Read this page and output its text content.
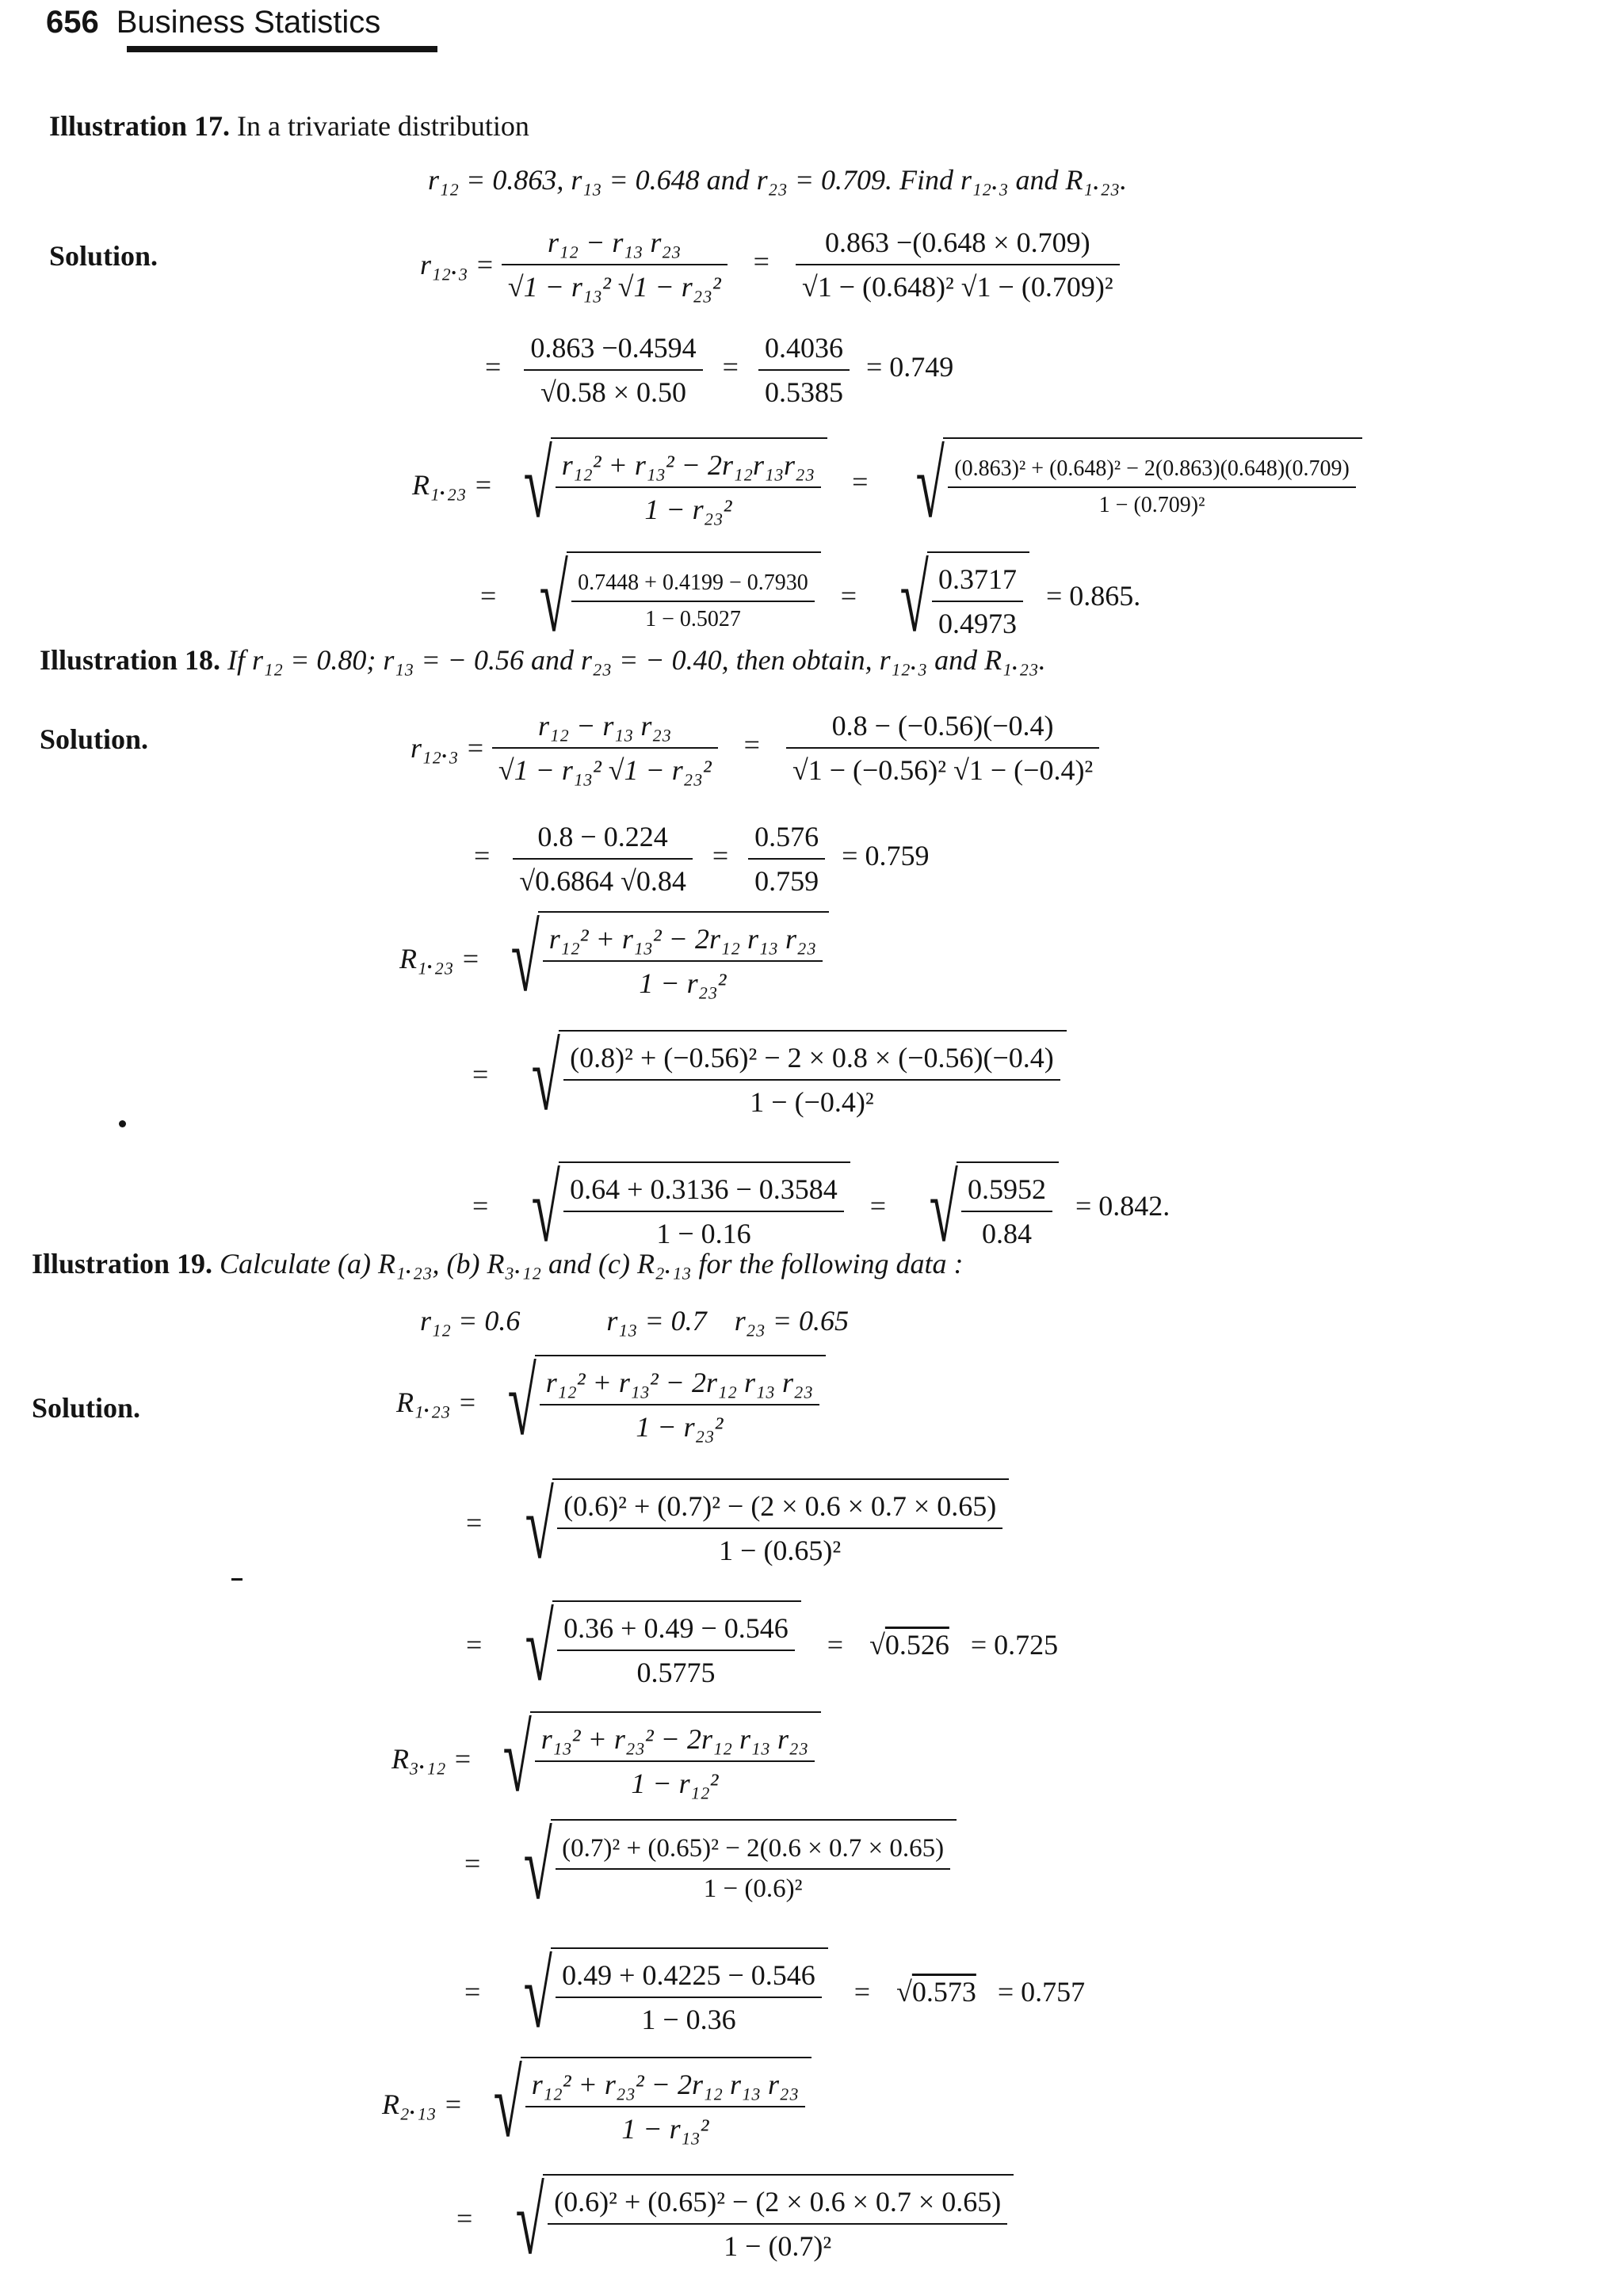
656 Business Statistics
Illustration 17. In a trivariate distribution
r₁₂ = 0.863, r₁₃ = 0.648 and r₂₃ = 0.709. Find r₁₂.₃ and R₁.₂₃.
Solution.	$r_{12}._3 = \frac{\text{r₁₂ − r₁₃ r₂₃}}{\text{√1 − r₁₃² √1 − r₂₃²}} = \frac{0.863 -(0.648 \times 0.709)}{\text{√1 − (0.648)² √1 − (0.709)²}}$
= $\frac{0.863 -0.4594}{√0.58 \times 0.50} = \frac{0.4036}{0.5385} = 0.749$
R₁.₂₃ = √ $\frac{\text{r₁₂² + r₁₃² − 2r₁₂r₁₃r₂₃}}{\text{1 − r₂₃²}}$ = √ $\frac{\text{(0.863)² + (0.648)² − 2(0.863)(0.648)(0.709)}}{\text{1 − (0.709)²}}$
= √ $\frac{0.7448 + 0.4199 - 0.7930}{1 - 0.5027}$ = √ $\frac{0.3717}{0.4973} = 0.865$.
Illustration 18. If r₁₂ = 0.80; r₁₃ = − 0.56 and r₂₃ = − 0.40, then obtain, r₁₂.₃ and R₁.₂₃.
Solution.	$r_{12}._3 = \frac{\text{r₁₂ − r₁₃ r₂₃}}{\text{√1 − r₁₃² √1 − r₂₃²}} = \frac{0.8 - (-0.56)(-0.4)}{\text{√1 − (−0.56)² √1 − (−0.4)²}}$
= $\frac{0.8 - 0.224}{√0.6864 √0.84} = \frac{0.576}{0.759} = 0.759$
R₁.₂₃ = √ $\frac{\text{r₁₂² + r₁₃² − 2r₁₂ r₁₃ r₂₃}}{\text{1 − r₂₃²}}$
= √ $\frac{\text{(0.8)² + (−0.56)² − 2 × 0.8 × (−0.56)(−0.4)}}{\text{1 − (−0.4)²}}$
= √ $\frac{0.64 + 0.3136 - 0.3584}{1 - 0.16}$ = √ $\frac{0.5952}{0.84} = 0.842$.
Illustration 19. Calculate (a) R₁.₂₃, (b) R₃.₁₂ and (c) R₂.₁₃ for the following data :
r₁₂ = 0.6	r₁₃ = 0.7 r₂₃ = 0.65
Solution.	R₁.₂₃ = √ $\frac{\text{r₁₂² + r₁₃² − 2r₁₂ r₁₃ r₂₃}}{\text{1 − r₂₃²}}$
= √ $\frac{\text{(0.6)² + (0.7)² − (2 × 0.6 × 0.7 × 0.65)}}{\text{1 − (0.65)²}}$
= √ $\frac{0.36 + 0.49 - 0.546}{0.5775} = √0.526 = 0.725$
R₃.₁₂ = √ $\frac{\text{r₁₃² + r₂₃² − 2r₁₂ r₁₃ r₂₃}}{\text{1 − r₁₂²}}$
= √ $\frac{\text{(0.7)² + (0.65)² − 2(0.6 × 0.7 × 0.65)}}{\text{1 − (0.6)²}}$
= √ $\frac{0.49 + 0.4225 - 0.546}{1 - 0.36} = √0.573 = 0.757$
R₂.₁₃ = √ $\frac{\text{r₁₂² + r₂₃² − 2r₁₂ r₁₃ r₂₃}}{\text{1 − r₁₃²}}$
= √ $\frac{\text{(0.6)² + (0.65)² − (2 × 0.6 × 0.7 × 0.65)}}{\text{1 − (0.7)²}}$
